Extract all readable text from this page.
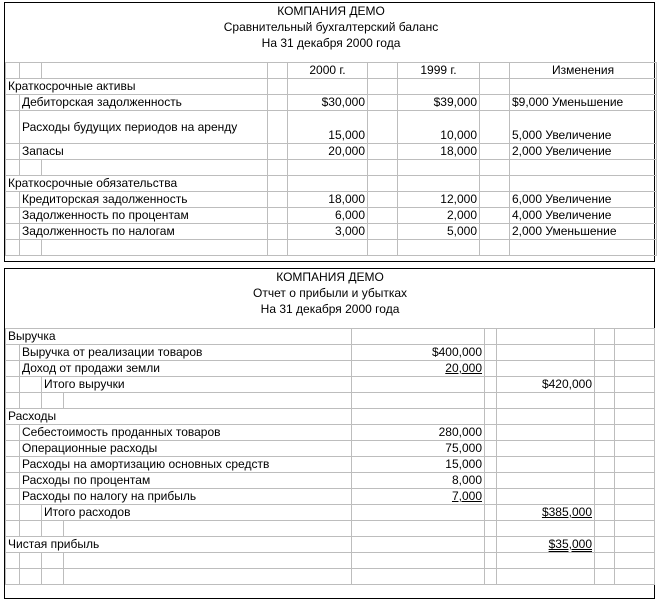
КОМПАНИЯ ДЕМО								
Сравнительный бухгалтерский баланс								
На 31 декабря 2000 года								

				2000 г.		1999 г.		Изменения
Краткосрочные активы								
	Дебиторская задолженность			$30,000		$39,000		$9,000 Уменьшение
	Расходы будущих периодов на аренду			15,000		10,000		5,000 Увеличение
	Запасы			20,000		18,000		2,000 Увеличение

Краткосрочные обязательства								
	Кредиторская задолженность			18,000		12,000		6,000 Увеличение
	Задолженность по процентам			6,000		2,000		4,000 Увеличение
	Задолженность по налогам			3,000		5,000		2,000 Уменьшение

КОМПАНИЯ ДЕМО								
Отчет о прибыли и убытках								
На 31 декабря 2000 года								

Выручка								
	Выручка от реализации товаров			$400,000				
	Доход от продажи земли			20,000				
		Итого выручки				$420,000		

Расходы								
	Себестоимость проданных товаров			280,000				
	Операционные расходы			75,000				
	Расходы на амортизацию основных средств			15,000				
	Расходы по процентам			8,000				
	Расходы по налогу на прибыль			7,000				
		Итого расходов				$385,000		

Чистая прибыль						$35,000		
